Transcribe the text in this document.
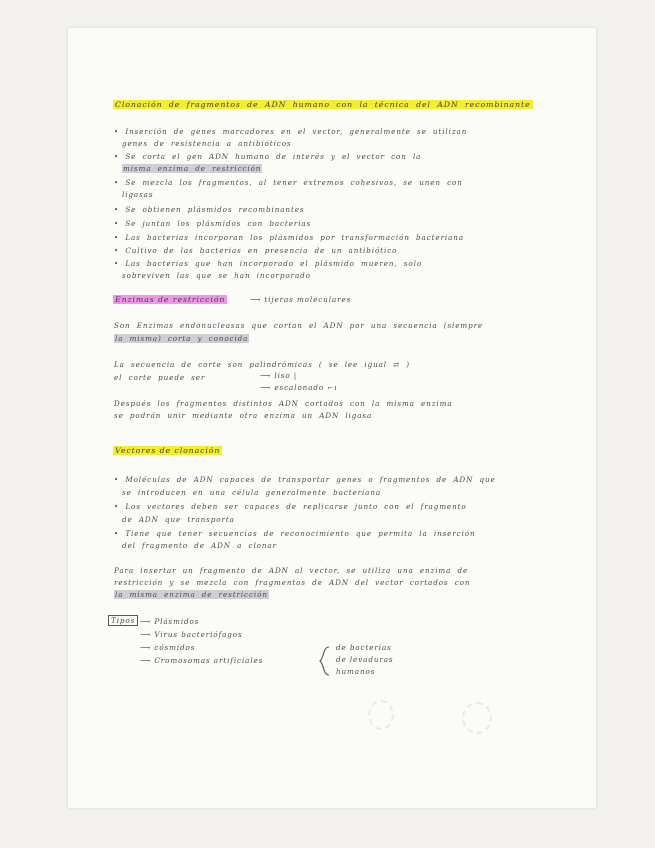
Clonación de fragmentos de ADN humano con la técnica del ADN recombinante
• Inserción de genes marcadores en el vector, generalmente se utilizan
genes de resistencia a antibióticos
• Se corta el gen ADN humano de interés y el vector con la
misma enzima de restricción
• Se mezcla los fragmentos, al tener extremos cohesivos, se unen con
ligasas
• Se obtienen plásmidos recombinantes
• Se juntan los plásmidos con bacterias
• Las bacterias incorporan los plásmidos por transformación bacteriana
• Cultivo de las bacterias en presencia de un antibiótico
• Las bacterias que han incorporado el plásmido mueren, solo
sobreviven las que se han incorporado
Enzimas de restricción	⟶ tijeras moleculares
Son Enzimas endonucleasas que cortan el ADN por una secuencia (siempre
la misma) corta y conocida
La secuencia de corte son palindrómicas ( se lee igual ⇄ )
el corte puede ser	⟶ liso |
⟶ escalonado ⌐ı
Después los fragmentos distintos ADN cortados con la misma enzima
se podrán unir mediante otra enzima un ADN ligasa
Vectores de clonación
• Moléculas de ADN capaces de transportar genes o fragmentos de ADN que
se introducen en una célula generalmente bacteriana
• Los vectores deben ser capaces de replicarse junto con el fragmento
de ADN que transporta
• Tiene que tener secuencias de reconocimiento que permita la inserción
del fragmento de ADN a clonar
Para insertar un fragmento de ADN al vector, se utiliza una enzima de
restricción y se mezcla con fragmentos de ADN del vector cortados con
la misma enzima de restricción
Tipos ⟶ Plásmidos
⟶ Virus bacteriófagos
⟶ cósmidos
⟶ Cromosomas artificiales
de bacterias
de levaduras
humanos
